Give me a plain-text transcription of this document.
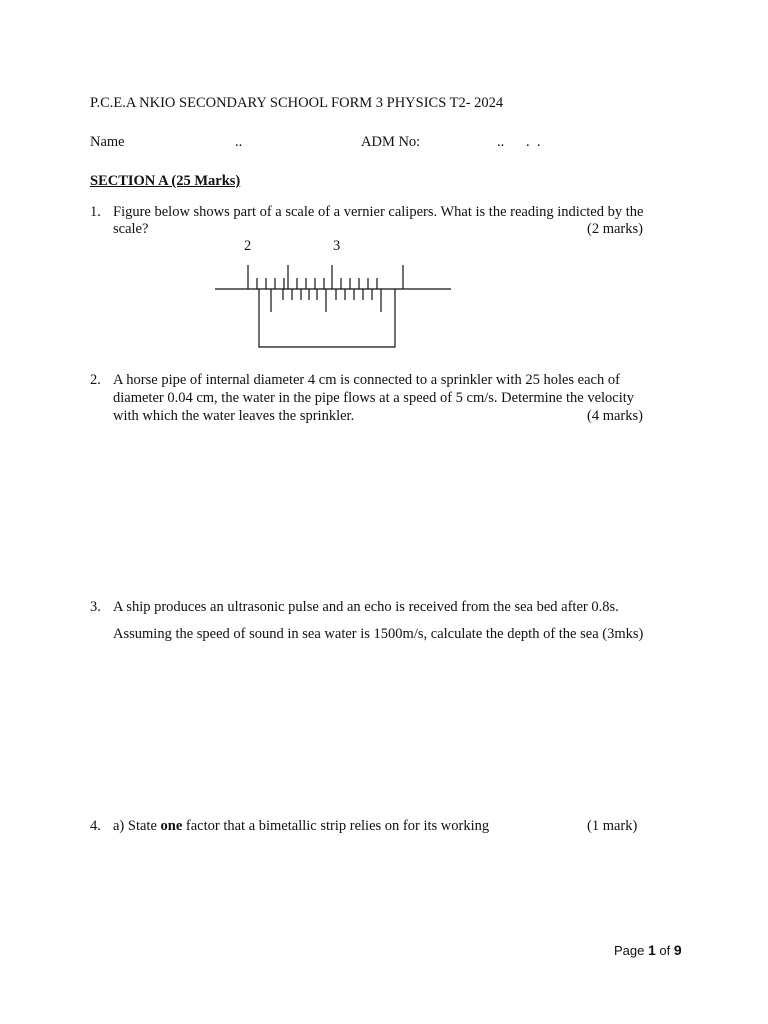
P.C.E.A NKIO SECONDARY SCHOOL FORM 3 PHYSICS T2- 2024
Name	..	ADM No:	..      .  .
SECTION A (25 Marks)
1. Figure below shows part of a scale of a vernier calipers. What is the reading indicted by the
scale?	(2 marks)
2	3
2. A horse pipe of internal diameter 4 cm is connected to a sprinkler with 25 holes each of
diameter 0.04 cm, the water in the pipe flows at a speed of 5 cm/s. Determine the velocity
with which the water leaves the sprinkler.	(4 marks)
3. A ship produces an ultrasonic pulse and an echo is received from the sea bed after 0.8s.
Assuming the speed of sound in sea water is 1500m/s, calculate the depth of the sea (3mks)
4. a) State one factor that a bimetallic strip relies on for its working	(1 mark)
Page 1 of 9
